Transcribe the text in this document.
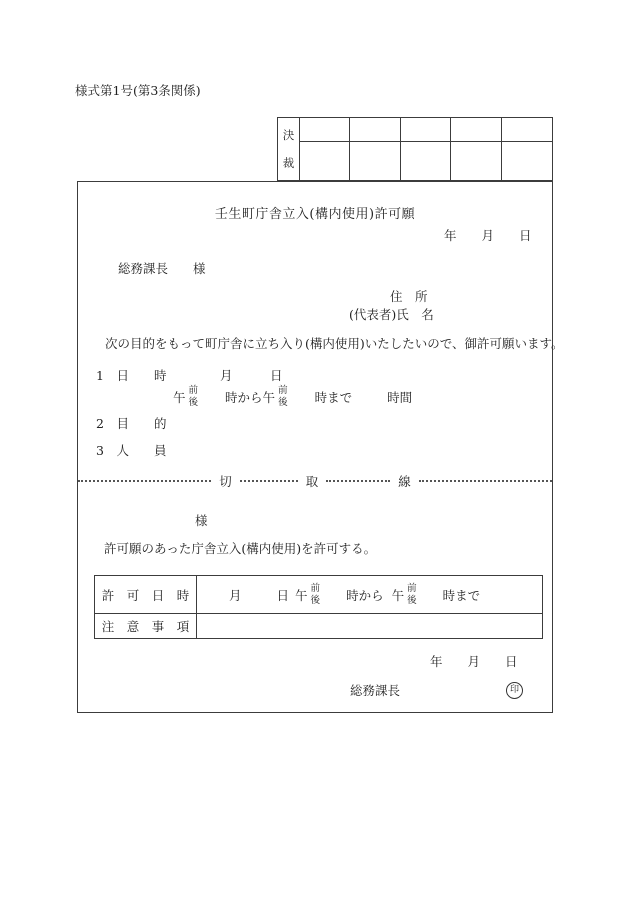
様式第1号(第3条関係)
決
裁
壬生町庁舎立入(構内使用)許可願
年　　月　　日
総務課長　　様
住　所
(代表者)氏　名
次の目的をもって町庁舎に立ち入り(構内使用)いたしたいので、御許可願います。
1　日　　時	月　　　日
午 前
後 時から 午 前
後 時まで	時間
2　目　　的
3　人　　員
切	取	線
様
許可願のあった庁舎立入(構内使用)を許可する。
許　可　日　時	月	日 午 前
後 時から 午 前
後 時まで
注　意　事　項
年　　月　　日
総務課長	印
